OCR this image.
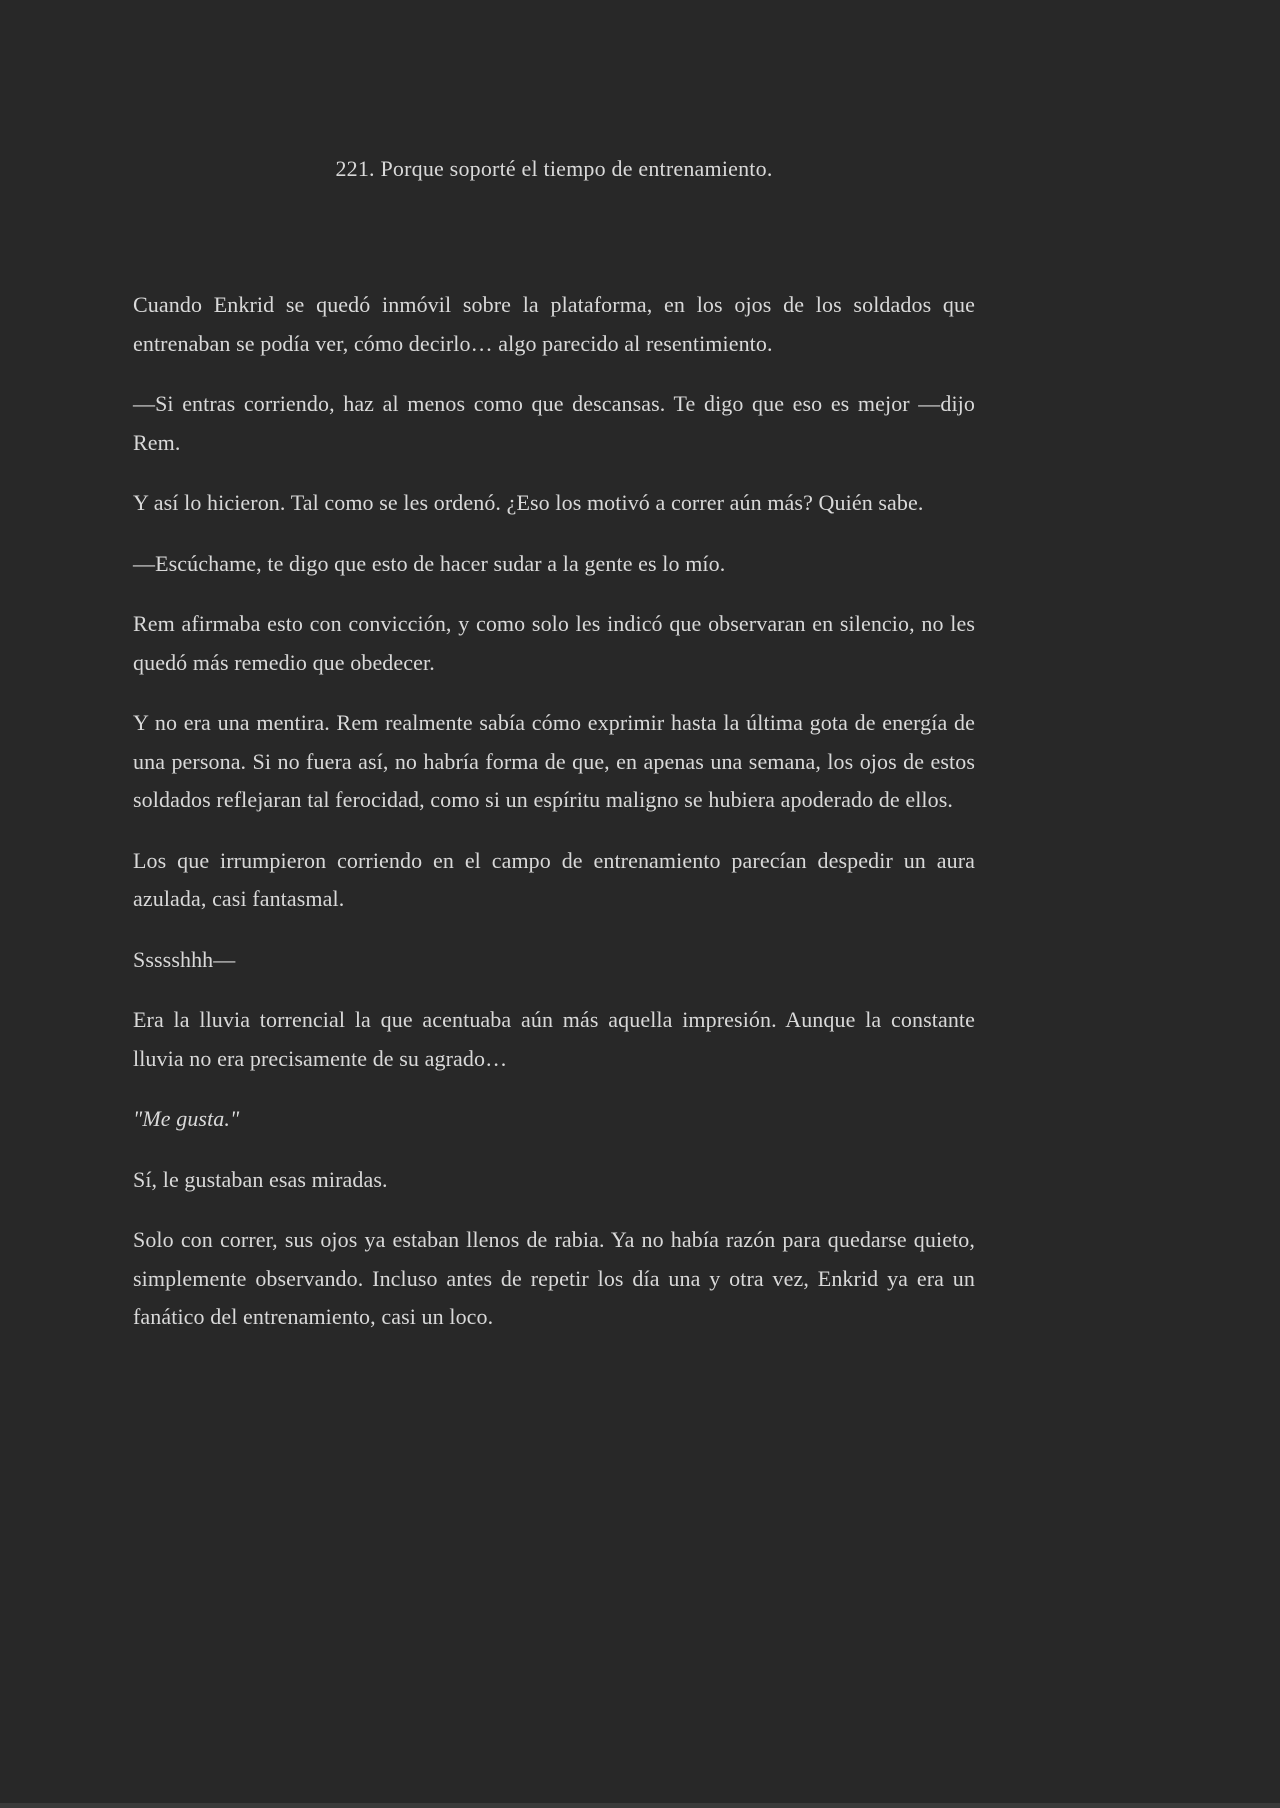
221. Porque soporté el tiempo de entrenamiento.

Cuando Enkrid se quedó inmóvil sobre la plataforma, en los ojos de los soldados que entrenaban se podía ver, cómo decirlo… algo parecido al resentimiento.

—Si entras corriendo, haz al menos como que descansas. Te digo que eso es mejor —dijo Rem.

Y así lo hicieron. Tal como se les ordenó. ¿Eso los motivó a correr aún más? Quién sabe.

—Escúchame, te digo que esto de hacer sudar a la gente es lo mío.

Rem afirmaba esto con convicción, y como solo les indicó que observaran en silencio, no les quedó más remedio que obedecer.

Y no era una mentira. Rem realmente sabía cómo exprimir hasta la última gota de energía de una persona. Si no fuera así, no habría forma de que, en apenas una semana, los ojos de estos soldados reflejaran tal ferocidad, como si un espíritu maligno se hubiera apoderado de ellos.

Los que irrumpieron corriendo en el campo de entrenamiento parecían despedir un aura azulada, casi fantasmal.

Ssssshhh—

Era la lluvia torrencial la que acentuaba aún más aquella impresión. Aunque la constante lluvia no era precisamente de su agrado…

"Me gusta."

Sí, le gustaban esas miradas.

Solo con correr, sus ojos ya estaban llenos de rabia. Ya no había razón para quedarse quieto, simplemente observando. Incluso antes de repetir los día una y otra vez, Enkrid ya era un fanático del entrenamiento, casi un loco.
